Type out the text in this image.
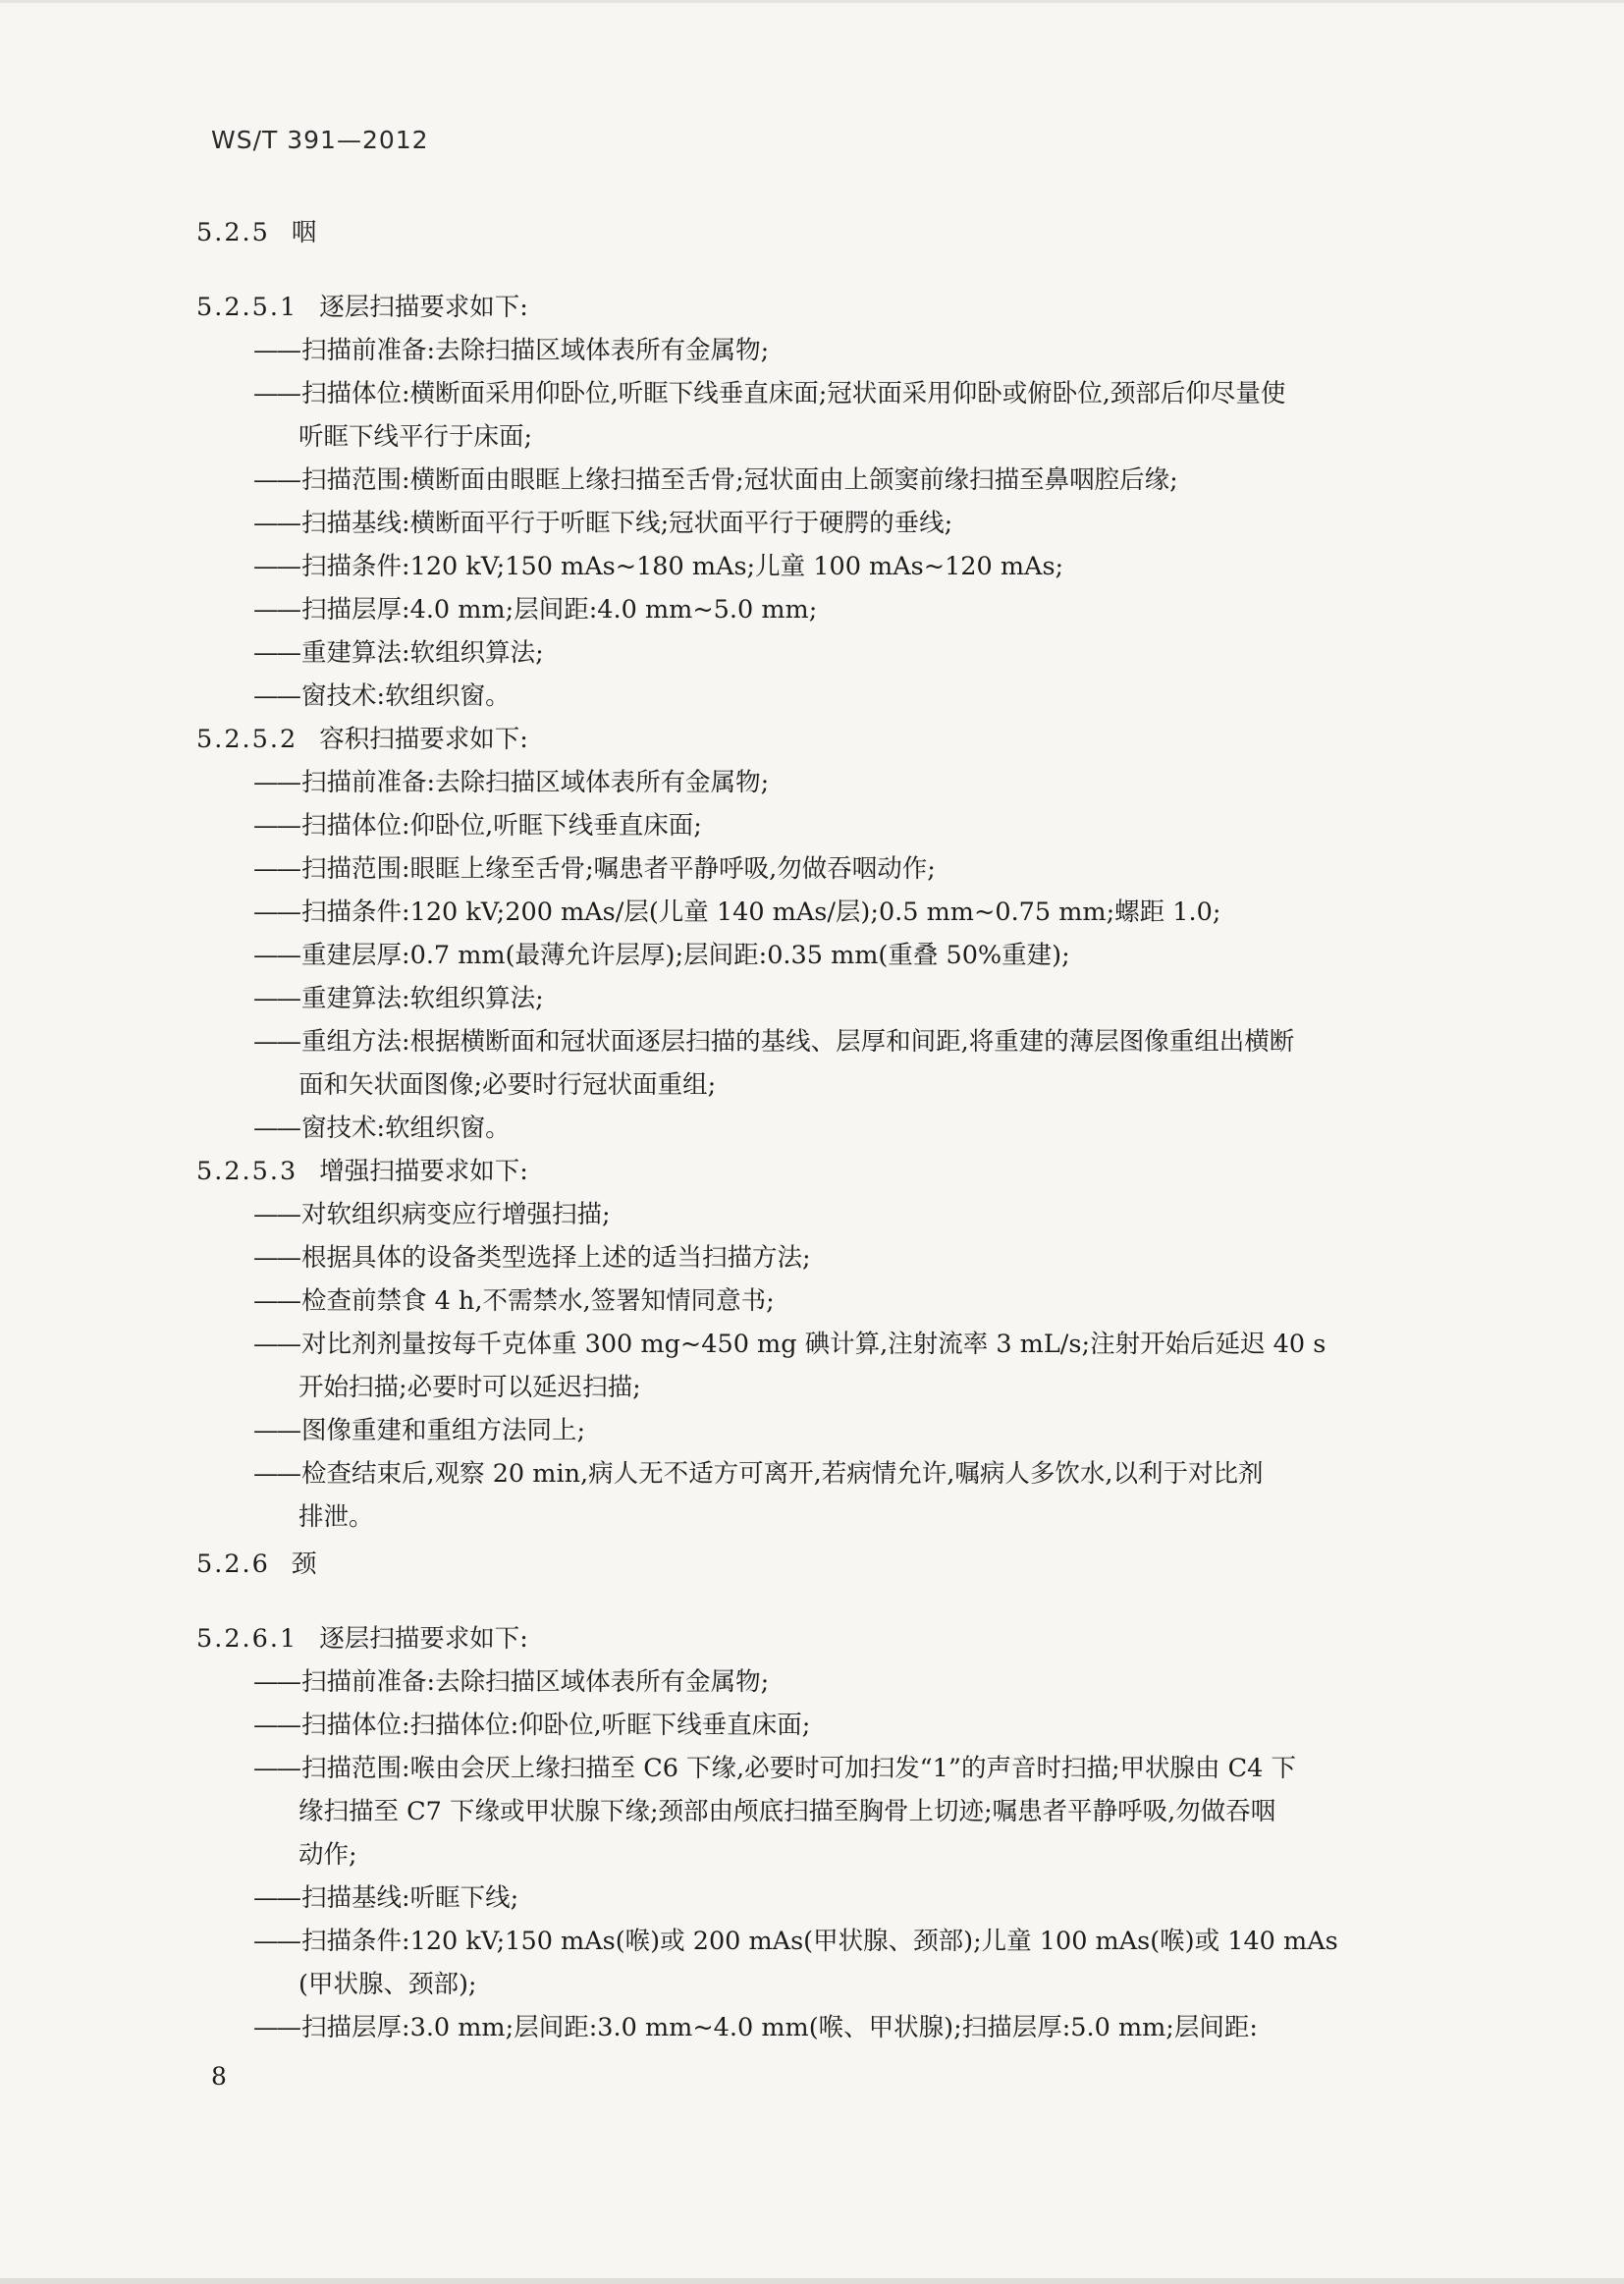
WS/T 391—2012
5.2.5 咽
5.2.5.1 逐层扫描要求如下:
——扫描前准备:去除扫描区域体表所有金属物;
——扫描体位:横断面采用仰卧位,听眶下线垂直床面;冠状面采用仰卧或俯卧位,颈部后仰尽量使
听眶下线平行于床面;
——扫描范围:横断面由眼眶上缘扫描至舌骨;冠状面由上颌窦前缘扫描至鼻咽腔后缘;
——扫描基线:横断面平行于听眶下线;冠状面平行于硬腭的垂线;
——扫描条件:120 kV;150 mAs~180 mAs;儿童 100 mAs~120 mAs;
——扫描层厚:4.0 mm;层间距:4.0 mm~5.0 mm;
——重建算法:软组织算法;
——窗技术:软组织窗。
5.2.5.2 容积扫描要求如下:
——扫描前准备:去除扫描区域体表所有金属物;
——扫描体位:仰卧位,听眶下线垂直床面;
——扫描范围:眼眶上缘至舌骨;嘱患者平静呼吸,勿做吞咽动作;
——扫描条件:120 kV;200 mAs/层(儿童 140 mAs/层);0.5 mm~0.75 mm;螺距 1.0;
——重建层厚:0.7 mm(最薄允许层厚);层间距:0.35 mm(重叠 50%重建);
——重建算法:软组织算法;
——重组方法:根据横断面和冠状面逐层扫描的基线、层厚和间距,将重建的薄层图像重组出横断
面和矢状面图像;必要时行冠状面重组;
——窗技术:软组织窗。
5.2.5.3 增强扫描要求如下:
——对软组织病变应行增强扫描;
——根据具体的设备类型选择上述的适当扫描方法;
——检查前禁食 4 h,不需禁水,签署知情同意书;
——对比剂剂量按每千克体重 300 mg~450 mg 碘计算,注射流率 3 mL/s;注射开始后延迟 40 s
开始扫描;必要时可以延迟扫描;
——图像重建和重组方法同上;
——检查结束后,观察 20 min,病人无不适方可离开,若病情允许,嘱病人多饮水,以利于对比剂
排泄。
5.2.6 颈
5.2.6.1 逐层扫描要求如下:
——扫描前准备:去除扫描区域体表所有金属物;
——扫描体位:扫描体位:仰卧位,听眶下线垂直床面;
——扫描范围:喉由会厌上缘扫描至 C6 下缘,必要时可加扫发“1”的声音时扫描;甲状腺由 C4 下
缘扫描至 C7 下缘或甲状腺下缘;颈部由颅底扫描至胸骨上切迹;嘱患者平静呼吸,勿做吞咽
动作;
——扫描基线:听眶下线;
——扫描条件:120 kV;150 mAs(喉)或 200 mAs(甲状腺、颈部);儿童 100 mAs(喉)或 140 mAs
(甲状腺、颈部);
——扫描层厚:3.0 mm;层间距:3.0 mm~4.0 mm(喉、甲状腺);扫描层厚:5.0 mm;层间距:
8
